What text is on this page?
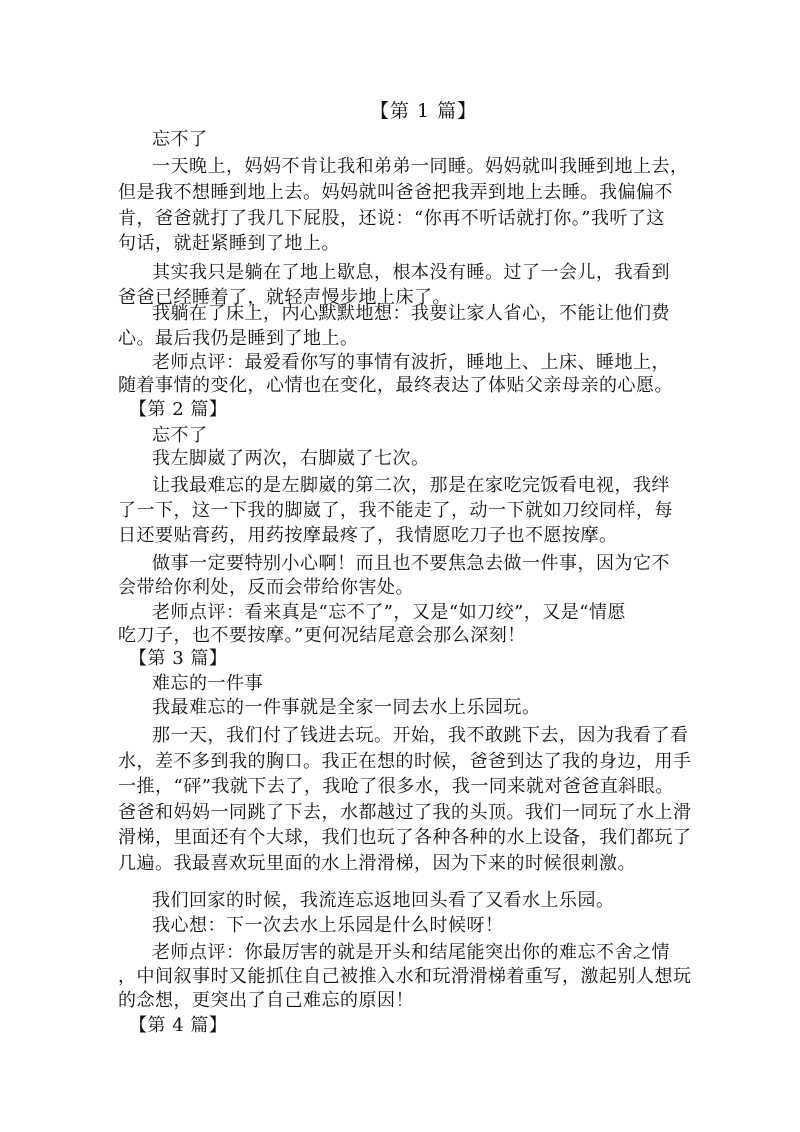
【第 1 篇】
忘不了
一天晚上，妈妈不肯让我和弟弟一同睡。妈妈就叫我睡到地上去，
但是我不想睡到地上去。妈妈就叫爸爸把我弄到地上去睡。我偏偏不
肯，爸爸就打了我几下屁股，还说：“你再不听话就打你。”我听了这
句话，就赶紧睡到了地上。
其实我只是躺在了地上歇息，根本没有睡。过了一会儿，我看到
爸爸已经睡着了，就轻声慢步地上床了。
我躺在了床上，内心默默地想：我要让家人省心，不能让他们费
心。最后我仍是睡到了地上。
老师点评：最爱看你写的事情有波折，睡地上、上床、睡地上，
随着事情的变化，心情也在变化，最终表达了体贴父亲母亲的心愿。
【第 2 篇】
忘不了
我左脚崴了两次，右脚崴了七次。
让我最难忘的是左脚崴的第二次，那是在家吃完饭看电视，我绊
了一下，这一下我的脚崴了，我不能走了，动一下就如刀绞同样，每
日还要贴膏药，用药按摩最疼了，我情愿吃刀子也不愿按摩。
做事一定要特别小心啊！而且也不要焦急去做一件事，因为它不
会带给你利处，反而会带给你害处。
老师点评：看来真是“忘不了”，又是“如刀绞”，又是“情愿
吃刀子，也不要按摩。”更何况结尾意会那么深刻！
【第 3 篇】
难忘的一件事
我最难忘的一件事就是全家一同去水上乐园玩。
那一天，我们付了钱进去玩。开始，我不敢跳下去，因为我看了看
水，差不多到我的胸口。我正在想的时候，爸爸到达了我的身边，用手
一推，“砰”我就下去了，我呛了很多水，我一同来就对爸爸直斜眼。
爸爸和妈妈一同跳了下去，水都越过了我的头顶。我们一同玩了水上滑
滑梯，里面还有个大球，我们也玩了各种各种的水上设备，我们都玩了
几遍。我最喜欢玩里面的水上滑滑梯，因为下来的时候很刺激。
我们回家的时候，我流连忘返地回头看了又看水上乐园。
我心想：下一次去水上乐园是什么时候呀！
老师点评：你最厉害的就是开头和结尾能突出你的难忘不舍之情
，中间叙事时又能抓住自己被推入水和玩滑滑梯着重写，激起别人想玩
的念想，更突出了自己难忘的原因！
【第 4 篇】
